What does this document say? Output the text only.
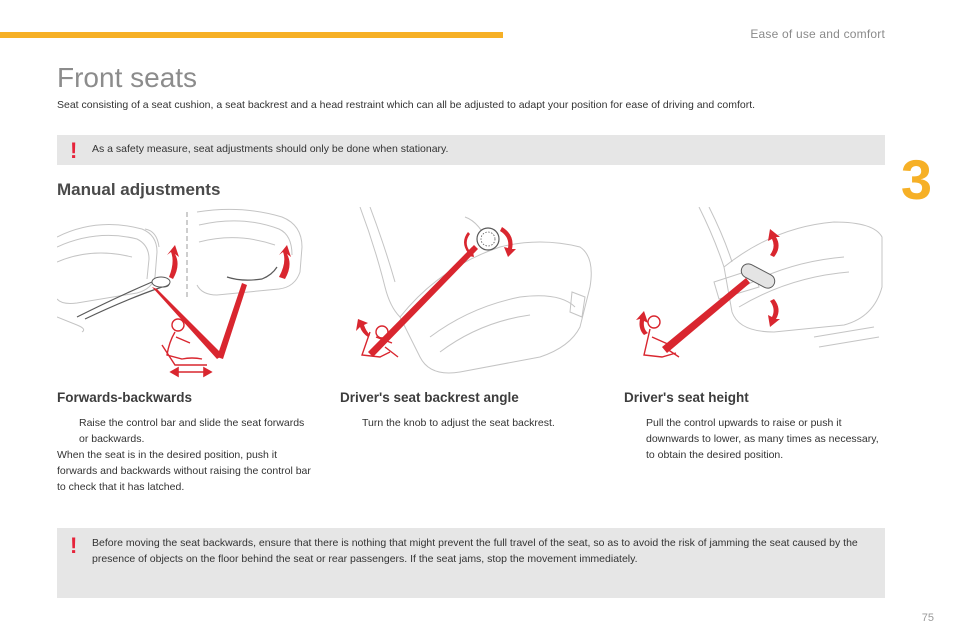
Ease of use and comfort
3
Front seats
Seat consisting of a seat cushion, a seat backrest and a head restraint which can all be adjusted to adapt your position for ease of driving and comfort.
! As a safety measure, seat adjustments should only be done when stationary.
Manual adjustments
Forwards-backwards
Raise the control bar and slide the seat forwards or backwards.
When the seat is in the desired position, push it forwards and backwards without raising the control bar to check that it has latched.
Driver's seat backrest angle
Turn the knob to adjust the seat backrest.
Driver's seat height
Pull the control upwards to raise or push it downwards to lower, as many times as necessary, to obtain the desired position.
! Before moving the seat backwards, ensure that there is nothing that might prevent the full travel of the seat, so as to avoid the risk of jamming the seat caused by the presence of objects on the floor behind the seat or rear passengers. If the seat jams, stop the movement immediately.
75
